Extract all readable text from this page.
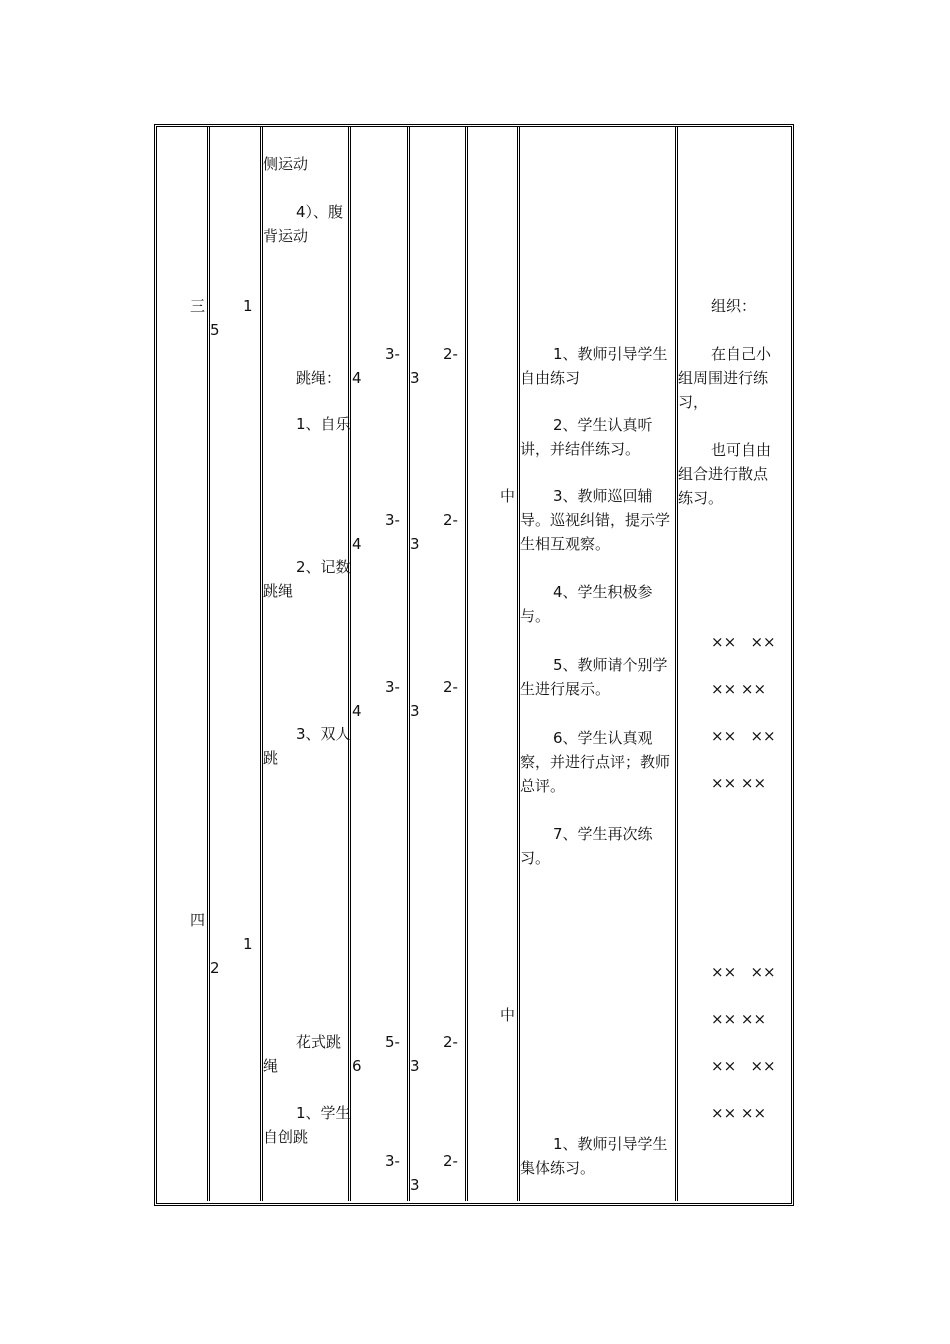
三
四
1
5
1
2
侧运动
4）、腹
背运动
跳绳：
1、自乐
2、记数
跳绳
3、双人
跳
花式跳
绳
1、学生
自创跳
3-
4
3-
4
3-
4
5-
6
3-
2-
3
2-
3
2-
3
2-
3
2-
3
中
中
1、教师引导学生
自由练习
2、学生认真听
讲，并结伴练习。
3、教师巡回辅
导。巡视纠错，提示学
生相互观察。
4、学生积极参
与。
5、教师请个别学
生进行展示。
6、学生认真观
察，并进行点评；教师
总评。
7、学生再次练
习。
1、教师引导学生
集体练习。
组织：
在自己小
组周围进行练
习，
也可自由
组合进行散点
练习。
××   ××
×× ××
××   ××
×× ××
××   ××
×× ××
××   ××
×× ××
